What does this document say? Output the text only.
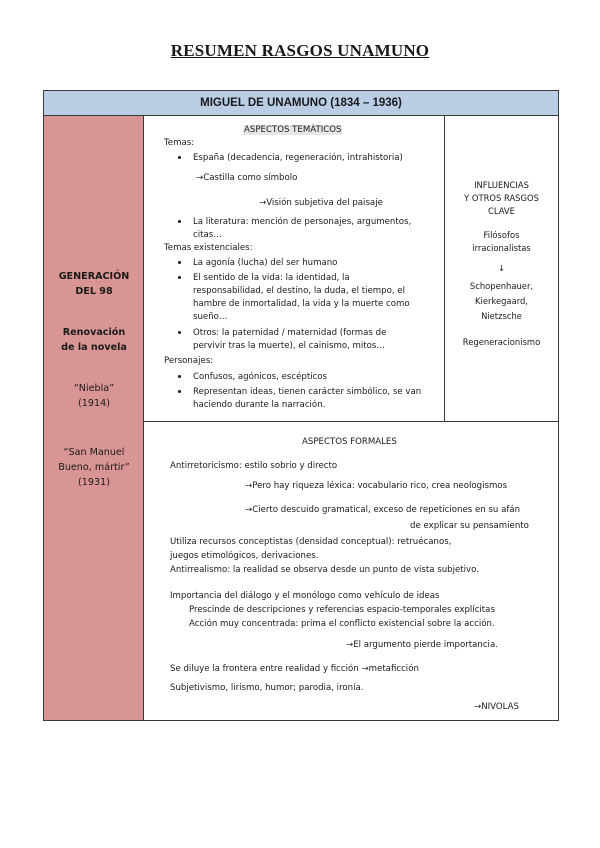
RESUMEN RASGOS UNAMUNO
MIGUEL DE UNAMUNO (1834 – 1936)
GENERACIÓN
DEL 98
Renovación
de la novela
“Niebla”
(1914)
“San Manuel
Bueno, mártir”
(1931)
ASPECTOS TEMÁTICOS
Temas:
España (decadencia, regeneración, intrahistoria)
→Castilla como símbolo
→Visión subjetiva del paisaje
La literatura: mención de personajes, argumentos,
citas…
Temas existenciales:
La agonía (lucha) del ser humano
El sentido de la vida: la identidad, la
responsabilidad, el destino, la duda, el tiempo, el
hambre de inmortalidad, la vida y la muerte como
sueño…
Otros: la paternidad / maternidad (formas de
pervivir tras la muerte), el cainismo, mitos…
Personajes:
Confusos, agónicos, escépticos
Representan ideas, tienen carácter simbólico, se van
haciendo durante la narración.
INFLUENCIAS
Y OTROS RASGOS
CLAVE
Filósofos
irracionalistas
↓
Schopenhauer,
Kierkegaard,
Nietzsche
Regeneracionismo
ASPECTOS FORMALES
Antirretoricismo: estilo sobrio y directo
→Pero hay riqueza léxica: vocabulario rico, crea neologismos
→Cierto descuido gramatical, exceso de repeticiones en su afán
de explicar su pensamiento
Utiliza recursos conceptistas (densidad conceptual): retruécanos,
juegos etimológicos, derivaciones.
Antirrealismo: la realidad se observa desde un punto de vista subjetivo.
Importancia del diálogo y el monólogo como vehículo de ideas
Prescinde de descripciones y referencias espacio-temporales explícitas
Acción muy concentrada: prima el conflicto existencial sobre la acción.
→El argumento pierde importancia.
Se diluye la frontera entre realidad y ficción →metaficción
Subjetivismo, lirismo, humor; parodia, ironía.
→NIVOLAS
